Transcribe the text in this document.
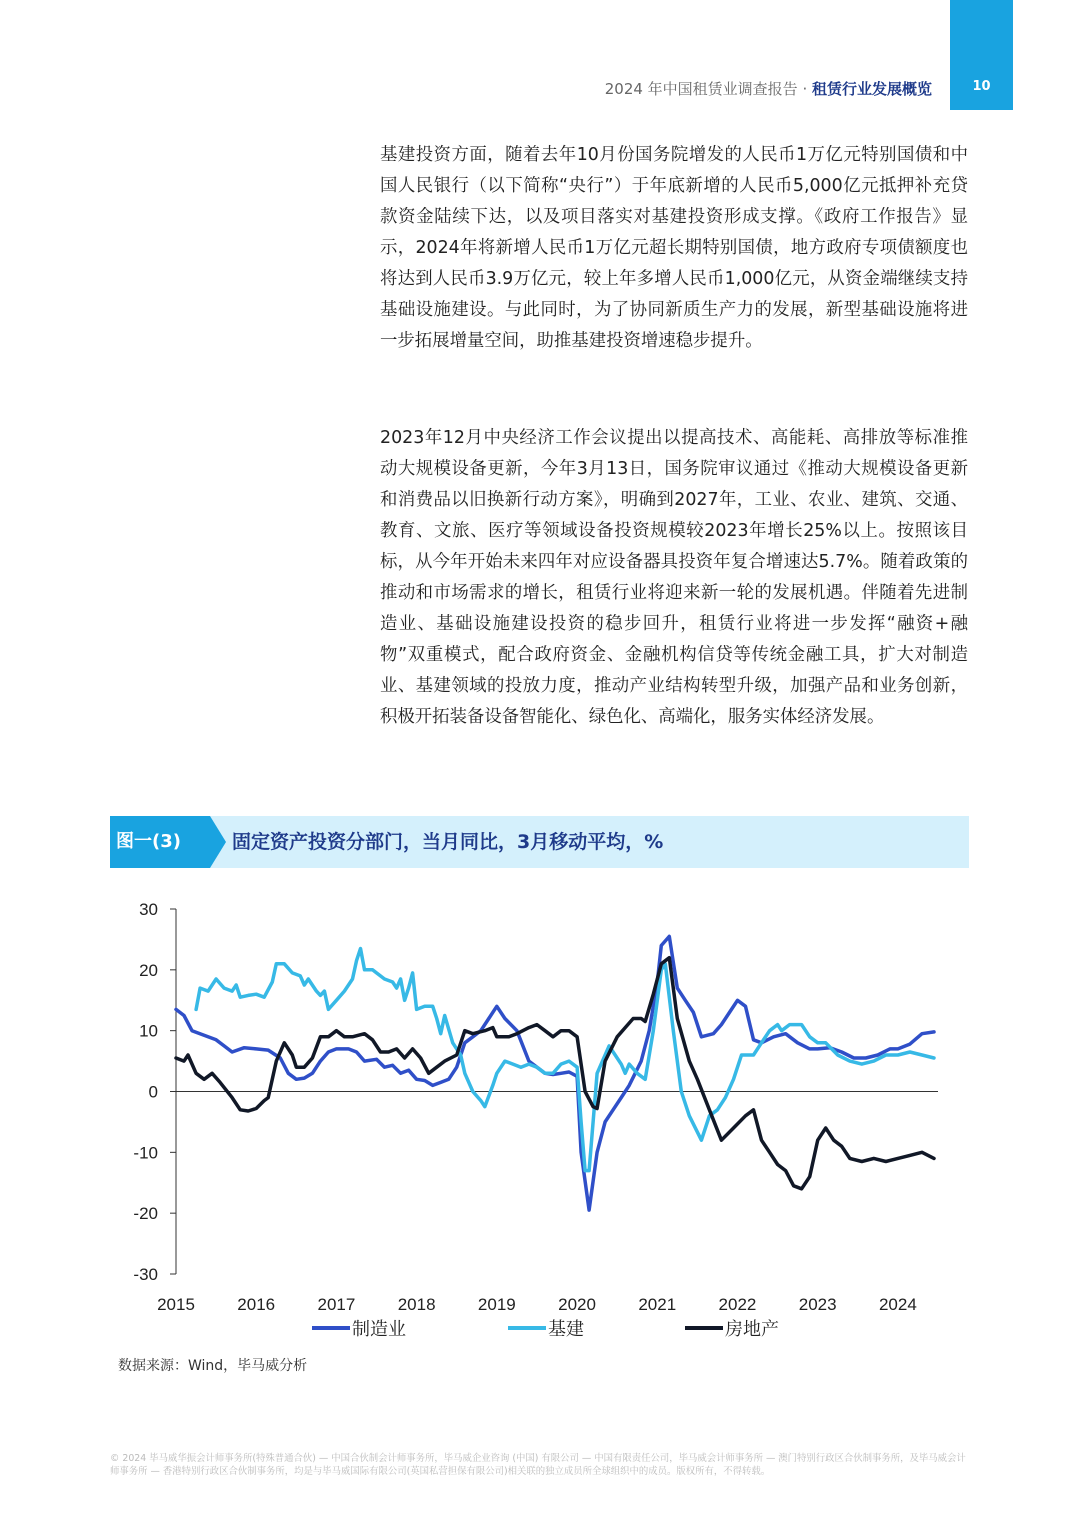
2024 年中国租赁业调查报告 · 租赁行业发展概览	10
基建投资方面，随着去年10月份国务院增发的人民币1万亿元特别国债和中国人民银行（以下简称“央行”）于年底新增的人民币5,000亿元抵押补充贷款资金陆续下达，以及项目落实对基建投资形成支撑。《政府工作报告》显示，2024年将新增人民币1万亿元超长期特别国债，地方政府专项债额度也将达到人民币3.9万亿元，较上年多增人民币1,000亿元，从资金端继续支持基础设施建设。与此同时，为了协同新质生产力的发展，新型基础设施将进一步拓展增量空间，助推基建投资增速稳步提升。
2023年12月中央经济工作会议提出以提高技术、高能耗、高排放等标准推动大规模设备更新，今年3月13日，国务院审议通过《推动大规模设备更新和消费品以旧换新行动方案》，明确到2027年，工业、农业、建筑、交通、教育、文旅、医疗等领域设备投资规模较2023年增长25%以上。按照该目标，从今年开始未来四年对应设备器具投资年复合增速达5.7%。随着政策的推动和市场需求的增长，租赁行业将迎来新一轮的发展机遇。伴随着先进制造业、基础设施建设投资的稳步回升，租赁行业将进一步发挥“融资+融物”双重模式，配合政府资金、金融机构信贷等传统金融工具，扩大对制造业、基建领域的投放力度，推动产业结构转型升级，加强产品和业务创新，积极开拓装备设备智能化、绿色化、高端化，服务实体经济发展。
图一(3)	固定资产投资分部门，当月同比，3月移动平均，%
30
20
10
0
-10
-20
-30
2015 2016 2017 2018 2019 2020 2021 2022 2023 2024
制造业	基建	房地产
数据来源：Wind，毕马威分析
© 2024 毕马威华振会计师事务所(特殊普通合伙) — 中国合伙制会计师事务所，毕马威企业咨询 (中国) 有限公司 — 中国有限责任公司，毕马威会计师事务所 — 澳门特别行政区合伙制事务所，及毕马威会计师事务所 — 香港特别行政区合伙制事务所，均是与毕马威国际有限公司(英国私营担保有限公司)相关联的独立成员所全球组织中的成员。版权所有，不得转载。
